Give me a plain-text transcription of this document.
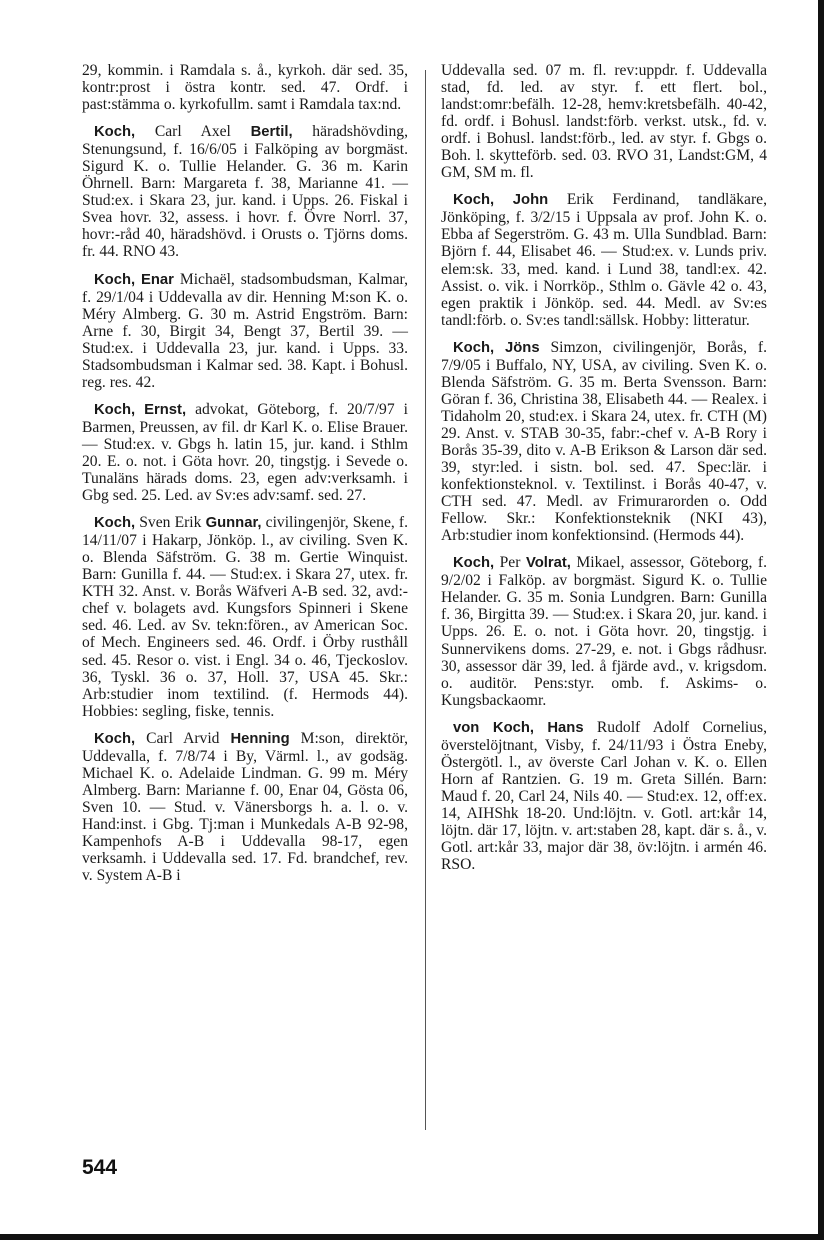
29, kommin. i Ramdala s. å., kyrkoh. där sed. 35, kontr:prost i östra kontr. sed. 47. Ordf. i past:stämma o. kyrkofullm. samt i Ramdala tax:nd.

Koch, Carl Axel Bertil, häradshövding, Stenungsund, f. 16/6/05 i Falköping av borgmäst. Sigurd K. o. Tullie Helander. G. 36 m. Karin Öhrnell. Barn: Margareta f. 38, Marianne 41. — Stud:ex. i Skara 23, jur. kand. i Upps. 26. Fiskal i Svea hovr. 32, assess. i hovr. f. Övre Norrl. 37, hovr:-råd 40, häradshövd. i Orusts o. Tjörns doms. fr. 44. RNO 43.

Koch, Enar Michaël, stadsombudsman, Kalmar, f. 29/1/04 i Uddevalla av dir. Henning M:son K. o. Méry Almberg. G. 30 m. Astrid Engström. Barn: Arne f. 30, Birgit 34, Bengt 37, Bertil 39. — Stud:ex. i Uddevalla 23, jur. kand. i Upps. 33. Stadsombudsman i Kalmar sed. 38. Kapt. i Bohusl. reg. res. 42.

Koch, Ernst, advokat, Göteborg, f. 20/7/97 i Barmen, Preussen, av fil. dr Karl K. o. Elise Brauer. — Stud:ex. v. Gbgs h. latin 15, jur. kand. i Sthlm 20. E. o. not. i Göta hovr. 20, tingstjg. i Sevede o. Tunaläns härads doms. 23, egen adv:verksamh. i Gbg sed. 25. Led. av Sv:es adv:samf. sed. 27.

Koch, Sven Erik Gunnar, civilingenjör, Skene, f. 14/11/07 i Hakarp, Jönköp. l., av civiling. Sven K. o. Blenda Säfström. G. 38 m. Gertie Winquist. Barn: Gunilla f. 44. — Stud:ex. i Skara 27, utex. fr. KTH 32. Anst. v. Borås Wäfveri A-B sed. 32, avd:-chef v. bolagets avd. Kungsfors Spinneri i Skene sed. 46. Led. av Sv. tekn:fören., av American Soc. of Mech. Engineers sed. 46. Ordf. i Örby rusthåll sed. 45. Resor o. vist. i Engl. 34 o. 46, Tjeckoslov. 36, Tyskl. 36 o. 37, Holl. 37, USA 45. Skr.: Arb:studier inom textilind. (f. Hermods 44). Hobbies: segling, fiske, tennis.

Koch, Carl Arvid Henning M:son, direktör, Uddevalla, f. 7/8/74 i By, Värml. l., av godsäg. Michael K. o. Adelaide Lindman. G. 99 m. Méry Almberg. Barn: Marianne f. 00, Enar 04, Gösta 06, Sven 10. — Stud. v. Vänersborgs h. a. l. o. v. Hand:inst. i Gbg. Tj:man i Munkedals A-B 92-98, Kampenhofs A-B i Uddevalla 98-17, egen verksamh. i Uddevalla sed. 17. Fd. brandchef, rev. v. System A-B i

Uddevalla sed. 07 m. fl. rev:uppdr. f. Uddevalla stad, fd. led. av styr. f. ett flert. bol., landst:omr:befälh. 12-28, hemv:kretsbefälh. 40-42, fd. ordf. i Bohusl. landst:förb. verkst. utsk., fd. v. ordf. i Bohusl. landst:förb., led. av styr. f. Gbgs o. Boh. l. skytteförb. sed. 03. RVO 31, Landst:GM, 4 GM, SM m. fl.

Koch, John Erik Ferdinand, tandläkare, Jönköping, f. 3/2/15 i Uppsala av prof. John K. o. Ebba af Segerström. G. 43 m. Ulla Sundblad. Barn: Björn f. 44, Elisabet 46. — Stud:ex. v. Lunds priv. elem:sk. 33, med. kand. i Lund 38, tandl:ex. 42. Assist. o. vik. i Norrköp., Sthlm o. Gävle 42 o. 43, egen praktik i Jönköp. sed. 44. Medl. av Sv:es tandl:förb. o. Sv:es tandl:sällsk. Hobby: litteratur.

Koch, Jöns Simzon, civilingenjör, Borås, f. 7/9/05 i Buffalo, NY, USA, av civiling. Sven K. o. Blenda Säfström. G. 35 m. Berta Svensson. Barn: Göran f. 36, Christina 38, Elisabeth 44. — Realex. i Tidaholm 20, stud:ex. i Skara 24, utex. fr. CTH (M) 29. Anst. v. STAB 30-35, fabr:-chef v. A-B Rory i Borås 35-39, dito v. A-B Erikson & Larson där sed. 39, styr:led. i sistn. bol. sed. 47. Spec:lär. i konfektionsteknol. v. Textilinst. i Borås 40-47, v. CTH sed. 47. Medl. av Frimurarorden o. Odd Fellow. Skr.: Konfektionsteknik (NKI 43), Arb:studier inom konfektionsind. (Hermods 44).

Koch, Per Volrat, Mikael, assessor, Göteborg, f. 9/2/02 i Falköp. av borgmäst. Sigurd K. o. Tullie Helander. G. 35 m. Sonia Lundgren. Barn: Gunilla f. 36, Birgitta 39. — Stud:ex. i Skara 20, jur. kand. i Upps. 26. E. o. not. i Göta hovr. 20, tingstjg. i Sunnervikens doms. 27-29, e. not. i Gbgs rådhusr. 30, assessor där 39, led. å fjärde avd., v. krigsdom. o. auditör. Pens:styr. omb. f. Askims- o. Kungsbackaomr.

von Koch, Hans Rudolf Adolf Cornelius, överstelöjtnant, Visby, f. 24/11/93 i Östra Eneby, Östergötl. l., av överste Carl Johan v. K. o. Ellen Horn af Rantzien. G. 19 m. Greta Sillén. Barn: Maud f. 20, Carl 24, Nils 40. — Stud:ex. 12, off:ex. 14, AIHShk 18-20. Und:löjtn. v. Gotl. art:kår 14, löjtn. där 17, löjtn. v. art:staben 28, kapt. där s. å., v. Gotl. art:kår 33, major där 38, öv:löjtn. i armén 46. RSO.

544
